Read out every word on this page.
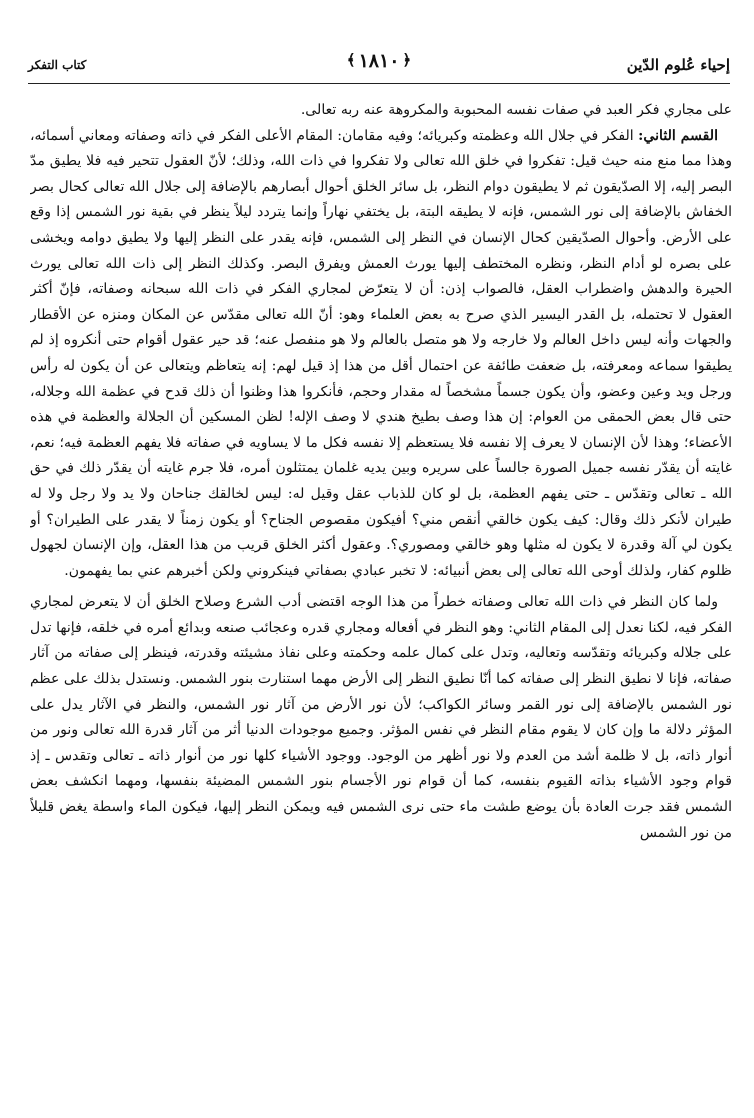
إحياء عُلوم الدّين
﴾ ١٨١٠ ﴿
كتاب التفكر

على مجاري فكر العبد في صفات نفسه المحبوبة والمكروهة عنه ربه تعالى.

القسم الثاني: الفكر في جلال الله وعظمته وكبريائه؛ وفيه مقامان: المقام الأعلى الفكر في ذاته وصفاته ومعاني أسمائه، وهذا مما منع منه حيث قيل: تفكروا في خلق الله تعالى ولا تفكروا في ذات الله، وذلك؛ لأنّ العقول تتحير فيه فلا يطيق مدّ البصر إليه، إلا الصدّيقون ثم لا يطيقون دوام النظر، بل سائر الخلق أحوال أبصارهم بالإضافة إلى جلال الله تعالى كحال بصر الخفاش بالإضافة إلى نور الشمس، فإنه لا يطيقه البتة، بل يختفي نهاراً وإنما يتردد ليلاً ينظر في بقية نور الشمس إذا وقع على الأرض. وأحوال الصدّيقين كحال الإنسان في النظر إلى الشمس، فإنه يقدر على النظر إليها ولا يطيق دوامه ويخشى على بصره لو أدام النظر، ونظره المختطف إليها يورث العمش ويفرق البصر. وكذلك النظر إلى ذات الله تعالى يورث الحيرة والدهش واضطراب العقل، فالصواب إذن: أن لا يتعرّض لمجاري الفكر في ذات الله سبحانه وصفاته، فإنّ أكثر العقول لا تحتمله، بل القدر اليسير الذي صرح به بعض العلماء وهو: أنّ الله تعالى مقدّس عن المكان ومنزه عن الأقطار والجهات وأنه ليس داخل العالم ولا خارجه ولا هو متصل بالعالم ولا هو منفصل عنه؛ قد حير عقول أقوام حتى أنكروه إذ لم يطيقوا سماعه ومعرفته، بل ضعفت طائفة عن احتمال أقل من هذا إذ قيل لهم: إنه يتعاظم ويتعالى عن أن يكون له رأس ورجل ويد وعين وعضو، وأن يكون جسماً مشخصاً له مقدار وحجم، فأنكروا هذا وظنوا أن ذلك قدح في عظمة الله وجلاله، حتى قال بعض الحمقى من العوام: إن هذا وصف بطيخ هندي لا وصف الإله! لظن المسكين أن الجلالة والعظمة في هذه الأعضاء؛ وهذا لأن الإنسان لا يعرف إلا نفسه فلا يستعظم إلا نفسه فكل ما لا يساويه في صفاته فلا يفهم العظمة فيه؛ نعم، غايته أن يقدّر نفسه جميل الصورة جالساً على سريره وبين يديه غلمان يمتثلون أمره، فلا جرم غايته أن يقدّر ذلك في حق الله ـ تعالى وتقدّس ـ حتى يفهم العظمة، بل لو كان للذباب عقل وقيل له: ليس لخالقك جناحان ولا يد ولا رجل ولا له طيران لأنكر ذلك وقال: كيف يكون خالقي أنقص مني؟ أفيكون مقصوص الجناح؟ أو يكون زمناً لا يقدر على الطيران؟ أو يكون لي آلة وقدرة لا يكون له مثلها وهو خالقي ومصوري؟. وعقول أكثر الخلق قريب من هذا العقل، وإن الإنسان لجهول ظلوم كفار، ولذلك أوحى الله تعالى إلى بعض أنبيائه: لا تخبر عبادي بصفاتي فينكروني ولكن أخبرهم عني بما يفهمون.

ولما كان النظر في ذات الله تعالى وصفاته خطراً من هذا الوجه اقتضى أدب الشرع وصلاح الخلق أن لا يتعرض لمجاري الفكر فيه، لكنا نعدل إلى المقام الثاني: وهو النظر في أفعاله ومجاري قدره وعجائب صنعه وبدائع أمره في خلقه، فإنها تدل على جلاله وكبريائه وتقدّسه وتعاليه، وتدل على كمال علمه وحكمته وعلى نفاذ مشيئته وقدرته، فينظر إلى صفاته من آثار صفاته، فإنا لا نطيق النظر إلى صفاته كما أنّا نطيق النظر إلى الأرض مهما استنارت بنور الشمس. ونستدل بذلك على عظم نور الشمس بالإضافة إلى نور القمر وسائر الكواكب؛ لأن نور الأرض من آثار نور الشمس، والنظر في الآثار يدل على المؤثر دلالة ما وإن كان لا يقوم مقام النظر في نفس المؤثر. وجميع موجودات الدنيا أثر من آثار قدرة الله تعالى ونور من أنوار ذاته، بل لا ظلمة أشد من العدم ولا نور أظهر من الوجود. ووجود الأشياء كلها نور من أنوار ذاته ـ تعالى وتقدس ـ إذ قوام وجود الأشياء بذاته القيوم بنفسه، كما أن قوام نور الأجسام بنور الشمس المضيئة بنفسها، ومهما انكشف بعض الشمس فقد جرت العادة بأن يوضع طشت ماء حتى نرى الشمس فيه ويمكن النظر إليها، فيكون الماء واسطة يغض قليلاً من نور الشمس
